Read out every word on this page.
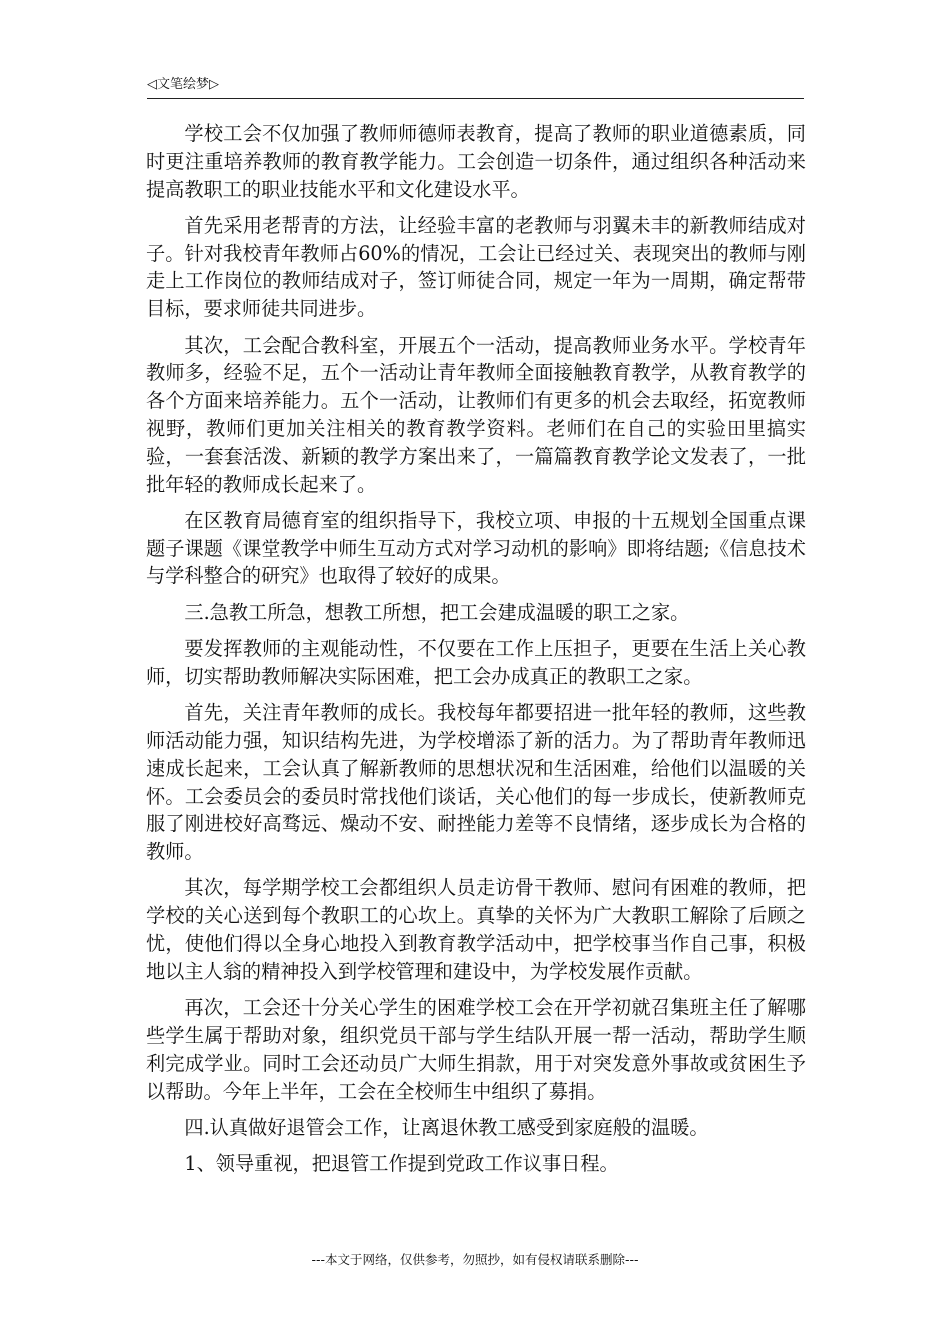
◁文笔绘梦▷

学校工会不仅加强了教师师德师表教育，提高了教师的职业道德素质，同时更注重培养教师的教育教学能力。工会创造一切条件，通过组织各种活动来提高教职工的职业技能水平和文化建设水平。

首先采用老帮青的方法，让经验丰富的老教师与羽翼未丰的新教师结成对子。针对我校青年教师占60%的情况，工会让已经过关、表现突出的教师与刚走上工作岗位的教师结成对子，签订师徒合同，规定一年为一周期，确定帮带目标，要求师徒共同进步。

其次，工会配合教科室，开展五个一活动，提高教师业务水平。学校青年教师多，经验不足，五个一活动让青年教师全面接触教育教学，从教育教学的各个方面来培养能力。五个一活动，让教师们有更多的机会去取经，拓宽教师视野，教师们更加关注相关的教育教学资料。老师们在自己的实验田里搞实验，一套套活泼、新颖的教学方案出来了，一篇篇教育教学论文发表了，一批批年轻的教师成长起来了。

在区教育局德育室的组织指导下，我校立项、申报的十五规划全国重点课题子课题《课堂教学中师生互动方式对学习动机的影响》即将结题;《信息技术与学科整合的研究》也取得了较好的成果。

三.急教工所急，想教工所想，把工会建成温暖的职工之家。

要发挥教师的主观能动性，不仅要在工作上压担子，更要在生活上关心教师，切实帮助教师解决实际困难，把工会办成真正的教职工之家。

首先，关注青年教师的成长。我校每年都要招进一批年轻的教师，这些教师活动能力强，知识结构先进，为学校增添了新的活力。为了帮助青年教师迅速成长起来，工会认真了解新教师的思想状况和生活困难，给他们以温暖的关怀。工会委员会的委员时常找他们谈话，关心他们的每一步成长，使新教师克服了刚进校好高骛远、燥动不安、耐挫能力差等不良情绪，逐步成长为合格的教师。

其次，每学期学校工会都组织人员走访骨干教师、慰问有困难的教师，把学校的关心送到每个教职工的心坎上。真挚的关怀为广大教职工解除了后顾之忧，使他们得以全身心地投入到教育教学活动中，把学校事当作自己事，积极地以主人翁的精神投入到学校管理和建设中，为学校发展作贡献。

再次，工会还十分关心学生的困难学校工会在开学初就召集班主任了解哪些学生属于帮助对象，组织党员干部与学生结队开展一帮一活动，帮助学生顺利完成学业。同时工会还动员广大师生捐款，用于对突发意外事故或贫困生予以帮助。今年上半年，工会在全校师生中组织了募捐。

四.认真做好退管会工作，让离退休教工感受到家庭般的温暖。

1、领导重视，把退管工作提到党政工作议事日程。

---本文于网络，仅供参考，勿照抄，如有侵权请联系删除---
